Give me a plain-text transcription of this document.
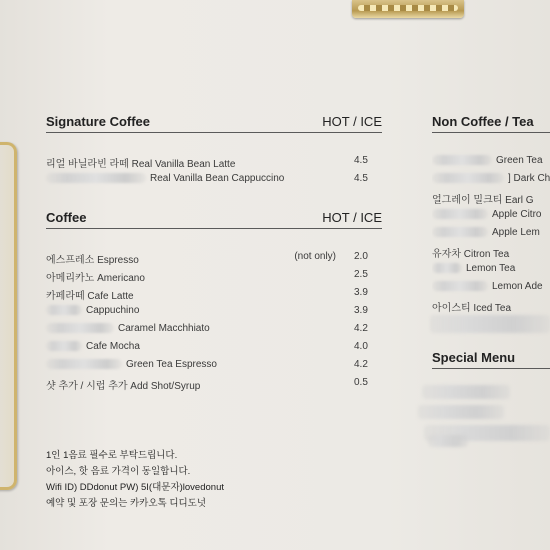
Signature Coffee	HOT / ICE
리얼 바닐라빈 라떼 Real Vanilla Bean Latte	4.5
Real Vanilla Bean Cappuccino	4.5
Coffee	HOT / ICE
에스프레소 Espresso	(not only) 2.0
아메리카노 Americano	2.5
카페라떼 Cafe Latte	3.9
Cappuchino	3.9
Caramel Macchhiato	4.2
Cafe Mocha	4.0
Green Tea Espresso	4.2
샷 추가 / 시럽 추가 Add Shot/Syrup	0.5
Non Coffee / Tea
Green Tea
] Dark Ch
얼그레이 밀크티 Earl G
Apple Citro
Apple Lem
유자차 Citron Tea
Lemon Tea
Lemon Ade
아이스티 Iced Tea
Special Menu
1인 1음료 필수로 부탁드립니다.
아이스, 핫 음료 가격이 동일합니다.
Wifi ID) DDdonut PW) 5I(대문자)lovedonut
예약 및 포장 문의는 카카오톡 디디도넛
